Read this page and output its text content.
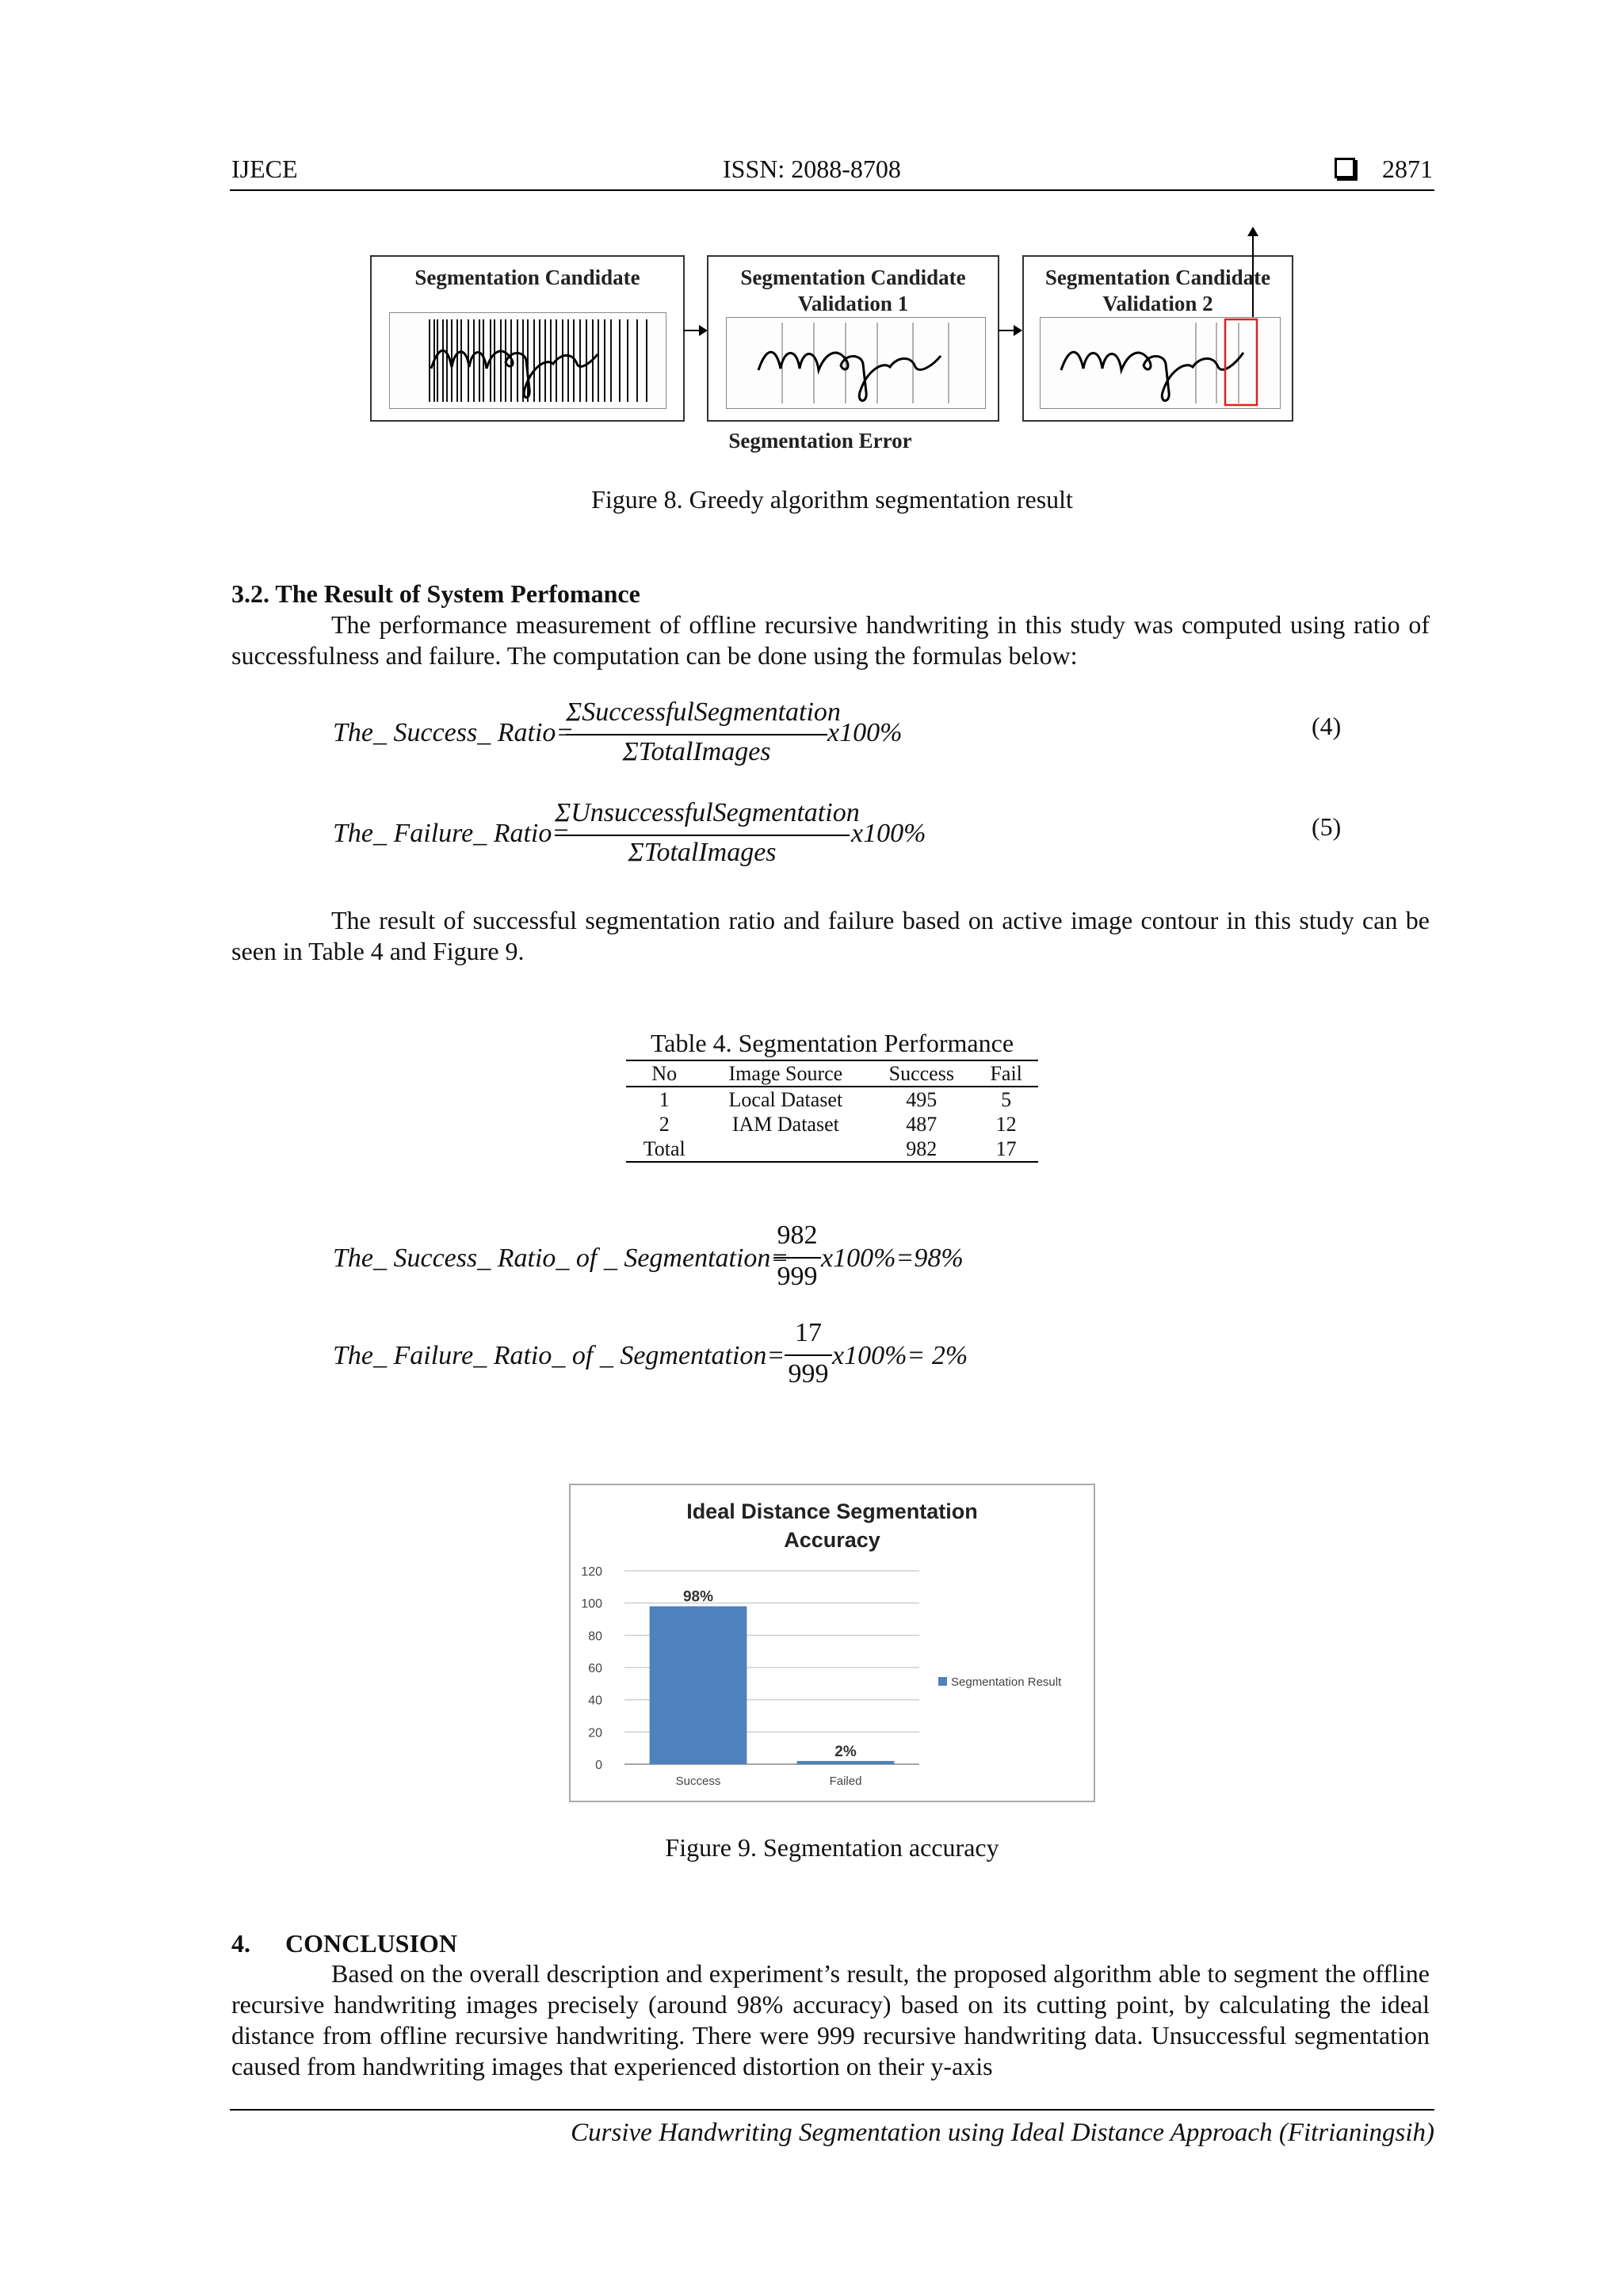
IJECE	ISSN: 2088-8708	2871
Segmentation Candidate	Segmentation Candidate
Validation 1
Segmentation Candidate
Validation 2
Segmentation Error
Figure 8. Greedy algorithm segmentation result
3.2. The Result of System Perfomance
The performance measurement of offline recursive handwriting in this study was computed using ratio of successfulness and failure. The computation can be done using the formulas below:
The_ Success_ Ratio=
ΣSuccessfulSegmentation
ΣTotalImages
x100%	(4)
The_ Failure_ Ratio=
ΣUnsuccessfulSegmentation
ΣTotalImages
x100%	(5)
The result of successful segmentation ratio and failure based on active image contour in this study can be seen in Table 4 and Figure 9.
Table 4. Segmentation Performance
No	Image Source	Success	Fail
1	Local Dataset	495	5
2	IAM Dataset	487	12
Total		982	17
The_ Success_ Ratio_ of _ Segmentation=
982
999
x100%=98%
The_ Failure_ Ratio_ of _ Segmentation=
17
999
x100%= 2%
Ideal Distance Segmentation
Accuracy
98%
2%
0
20
40
60
80
100
120
Success	Failed
Segmentation Result
Figure 9. Segmentation accuracy
4. CONCLUSION
Based on the overall description and experiment’s result, the proposed algorithm able to segment the offline recursive handwriting images precisely (around 98% accuracy) based on its cutting point, by calculating the ideal distance from offline recursive handwriting. There were 999 recursive handwriting data. Unsuccessful segmentation caused from handwriting images that experienced distortion on their y-axis
Cursive Handwriting Segmentation using Ideal Distance Approach (Fitrianingsih)
